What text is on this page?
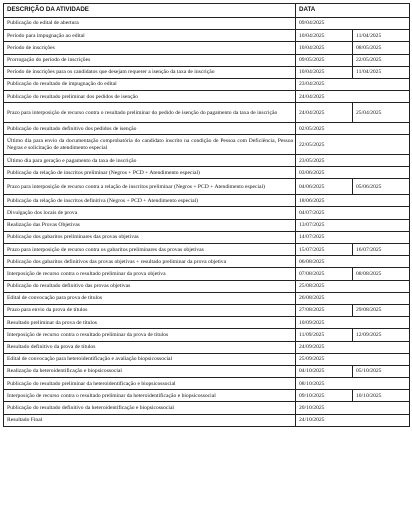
DESCRIÇÃO DA ATIVIDADE	DATA	
Publicação do edital de abertura	09/04/2025	
Período para impugnação ao edital	10/04/2025	11/04/2025
Período de inscrições	10/04/2025	08/05/2025
Prorrogação do período de inscrições	09/05/2025	22/05/2025
Período de inscrições para os candidatos que desejam requerer a isenção da taxa de inscrição	10/04/2025	11/04/2025
Publicação do resultado de impugnação do edital	23/04/2025	
Publicação do resultado preliminar dos pedidos de isenção	24/04/2025	
Prazo para interposição de recurso contra o resultado preliminar do pedido de isenção do pagamento da taxa de inscrição	24/04/2025	25/04/2025
Publicação do resultado definitivo dos pedidos de isenção	02/05/2025	
Último dia para envio da documentação comprobatória do candidato inscrito na condição de Pessoa com Deficiência, Pessoa Negras e solicitação de atendimento especial	22/05/2025	
Último dia para geração e pagamento da taxa de inscrição	23/05/2025	
Publicação da relação de inscritos preliminar (Negros + PCD + Atendimento especial)	03/06/2025	
Prazo para interposição de recurso contra a relação de inscritos preliminar (Negros + PCD + Atendimento especial)	04/06/2025	05/06/2025
Publicação da relação de inscritos definitiva (Negros + PCD + Atendimento especial)	18/06/2025	
Divulgação dos locais de prova	04/07/2025	
Realização das Provas Objetivas	13/07/2025	
Publicação dos gabaritos preliminares das provas objetivas	14/07/2025	
Prazo para interposição de recurso contra os gabaritos preliminares das provas objetivas	15/07/2025	16/07/2025
Publicação dos gabaritos definitivos das provas objetivas + resultado preliminar da prova objetiva	06/08/2025	
Interposição de recurso contra o resultado preliminar da prova objetiva	07/08/2025	08/08/2025
Publicação do resultado definitivo das provas objetivas	25/08/2025	
Edital de convocação para prova de títulos	26/08/2025	
Prazo para envio da prova de títulos	27/08/2025	29/08/2025
Resultado preliminar da prova de títulos	10/09/2025	
Interposição de recurso contra o resultado preliminar da prova de títulos	11/09/2025	12/09/2025
Resultado definitivo da prova de títulos	24/09/2025	
Edital de convocação para heteroidentificação e avaliação biopsicossocial	25/09/2025	
Realização da heteroidentificação e biopsicossocial	04/10/2025	05/10/2025
Publicação do resultado preliminar da heteroidentificação e biopsicossocial	08/10/2025	
Interposição de recurso contra o resultado preliminar da heteroidentificação e biopsicossocial	09/10/2025	10/10/2025
Publicação do resultado definitivo da heteroidentificação e biopsicossocial	20/10/2025	
Resultado Final	24/10/2025	
